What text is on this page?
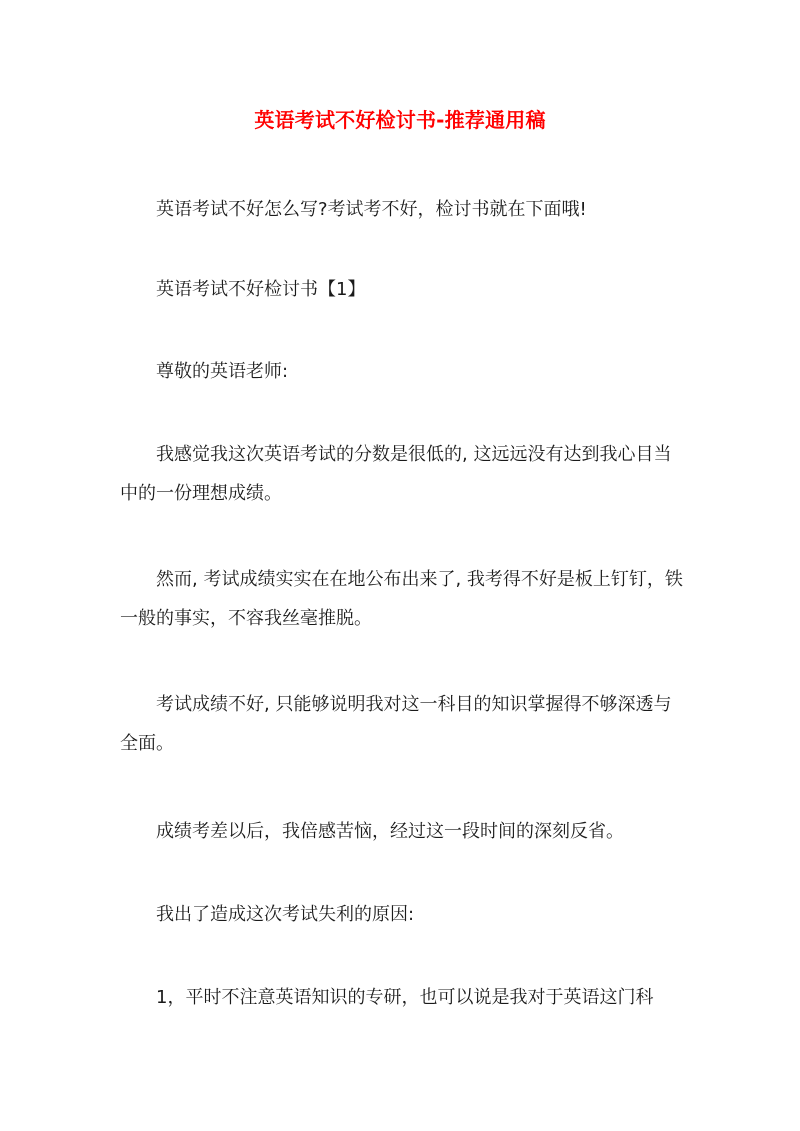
英语考试不好检讨书-推荐通用稿
英语考试不好怎么写?考试考不好，检讨书就在下面哦!
英语考试不好检讨书【1】
尊敬的英语老师:
我感觉我这次英语考试的分数是很低的, 这远远没有达到我心目当中的一份理想成绩。
然而, 考试成绩实实在在地公布出来了, 我考得不好是板上钉钉，铁一般的事实，不容我丝毫推脱。
考试成绩不好, 只能够说明我对这一科目的知识掌握得不够深透与全面。
成绩考差以后，我倍感苦恼，经过这一段时间的深刻反省。
我出了造成这次考试失利的原因:
1，平时不注意英语知识的专研，也可以说是我对于英语这门科
